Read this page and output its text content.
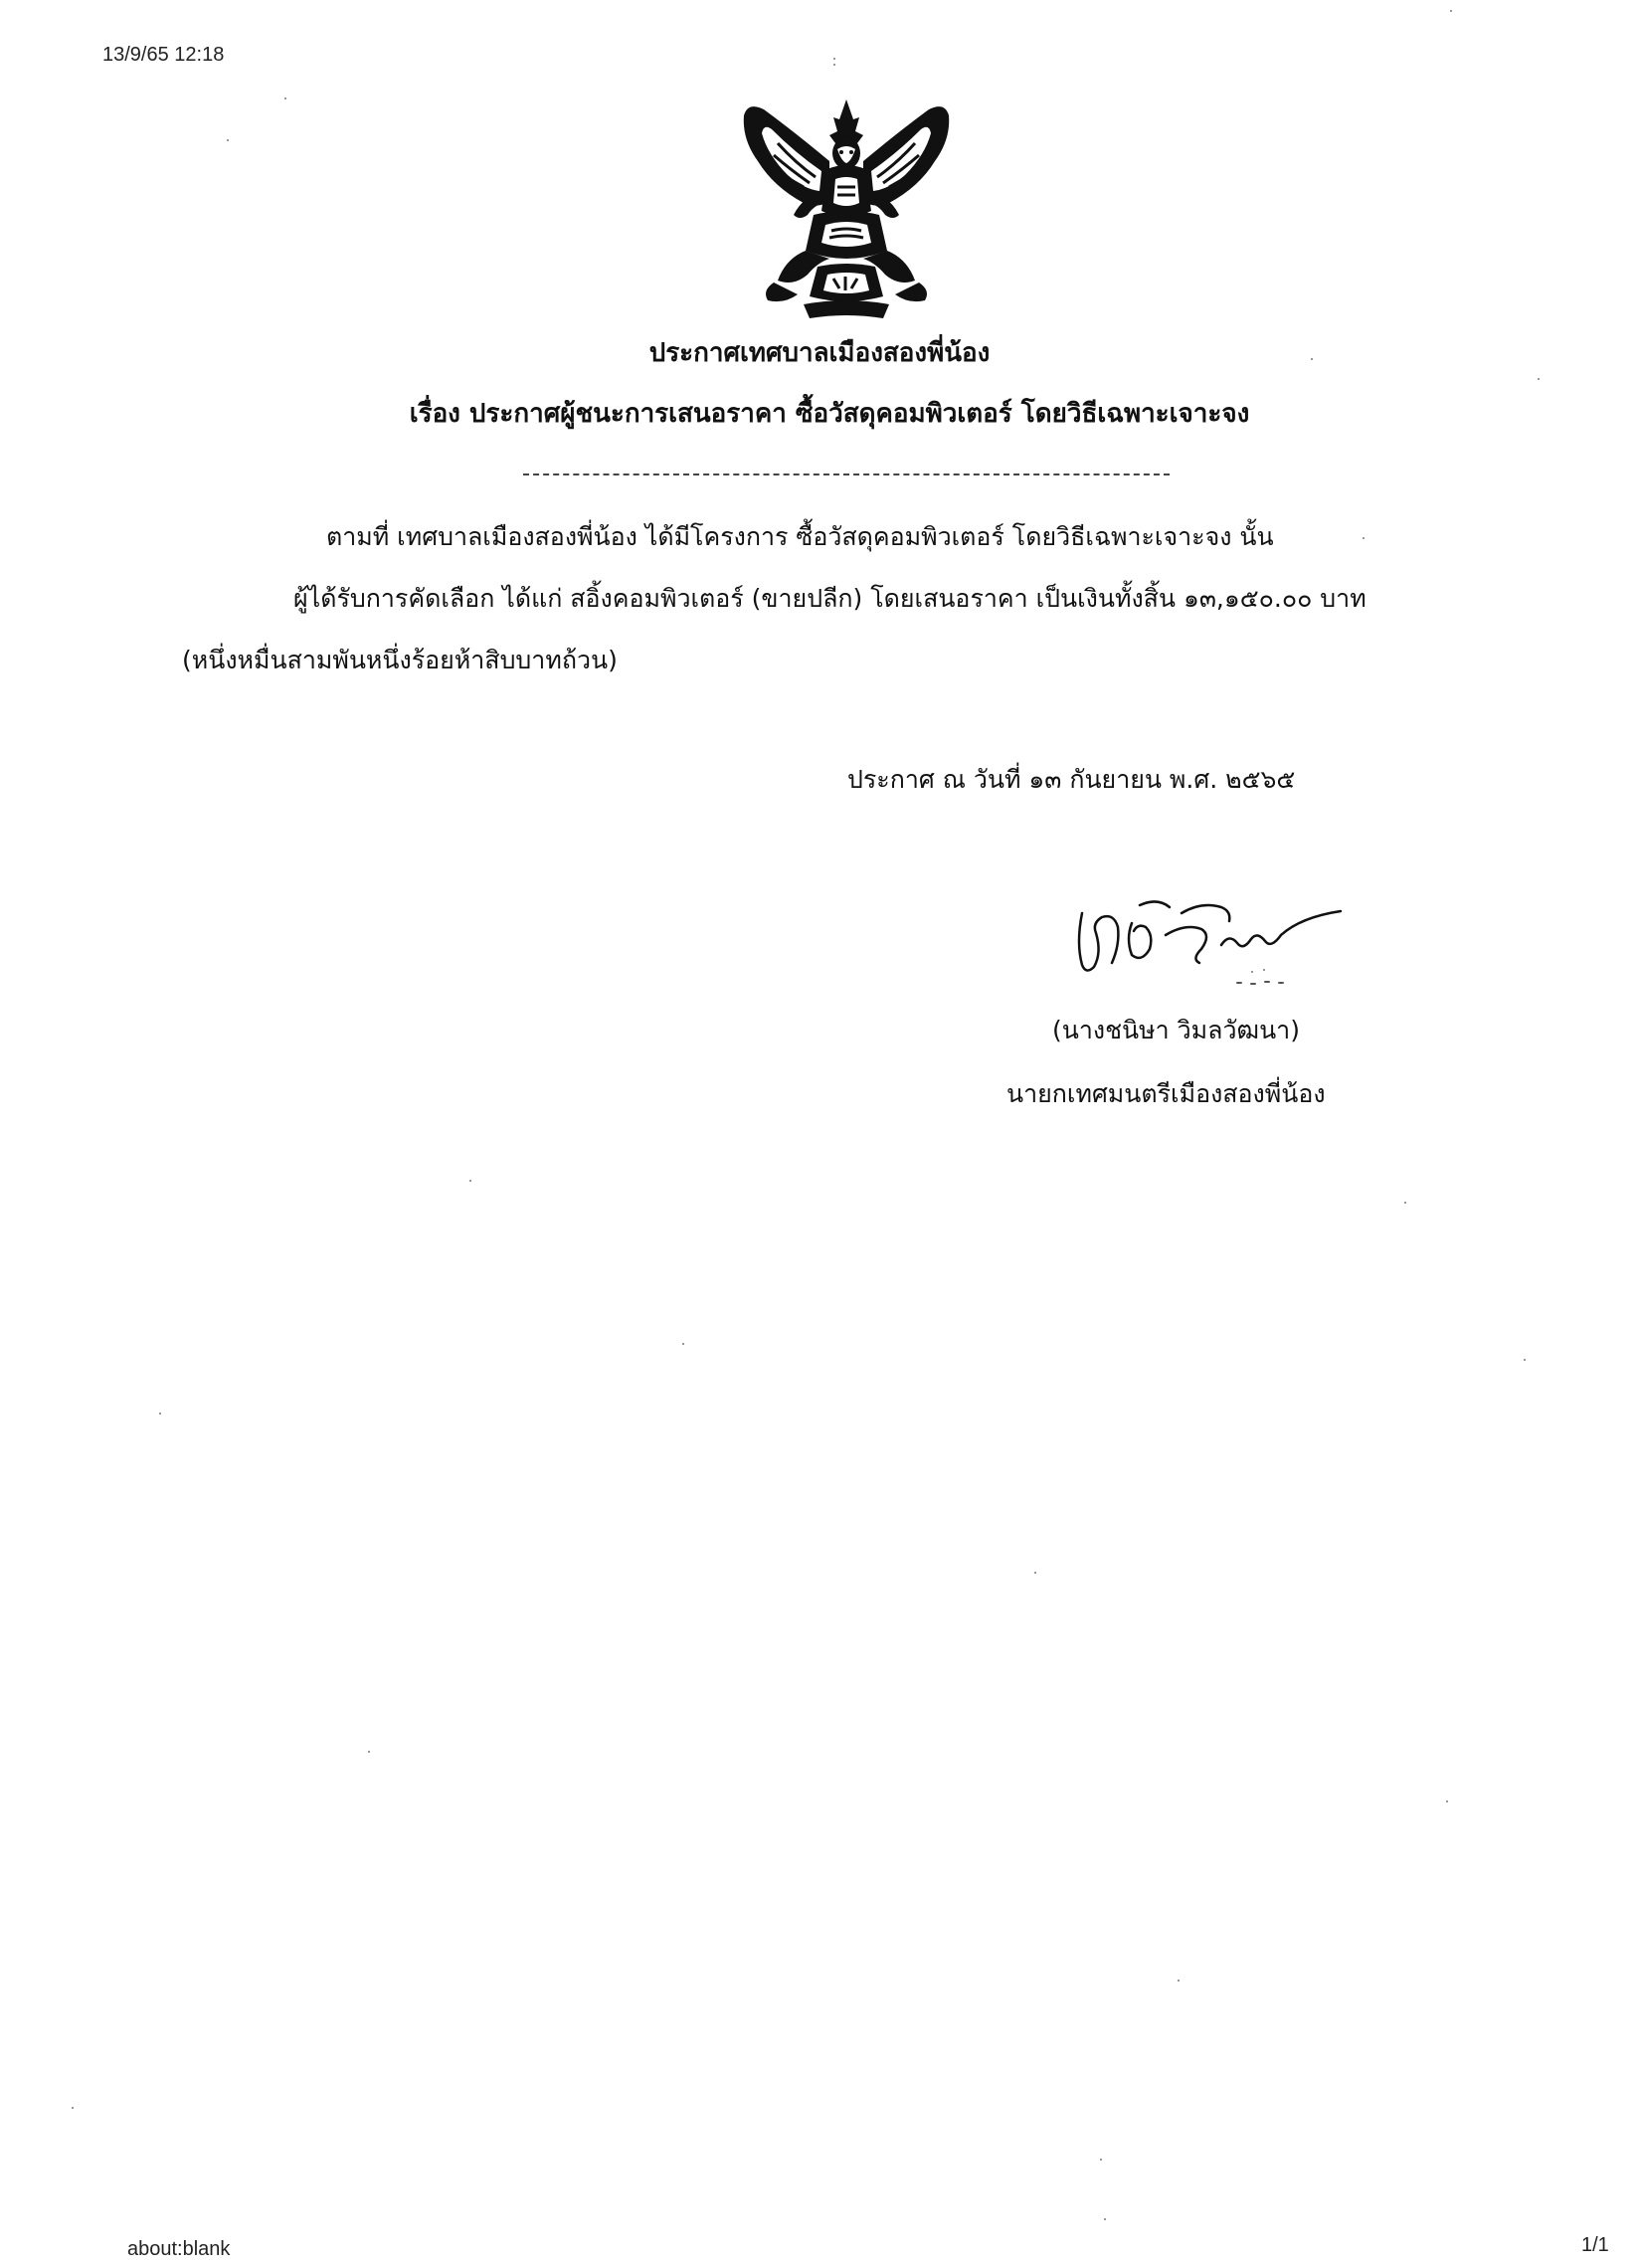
13/9/65 12:18
ประกาศเทศบาลเมืองสองพี่น้อง
เรื่อง ประกาศผู้ชนะการเสนอราคา ซื้อวัสดุคอมพิวเตอร์ โดยวิธีเฉพาะเจาะจง
ตามที่ เทศบาลเมืองสองพี่น้อง ได้มีโครงการ ซื้อวัสดุคอมพิวเตอร์ โดยวิธีเฉพาะเจาะจง นั้น
ผู้ได้รับการคัดเลือก ได้แก่ สอิ้งคอมพิวเตอร์ (ขายปลีก) โดยเสนอราคา เป็นเงินทั้งสิ้น ๑๓,๑๕๐.๐๐ บาท
(หนึ่งหมื่นสามพันหนึ่งร้อยห้าสิบบาทถ้วน)
ประกาศ ณ วันที่ ๑๓ กันยายน พ.ศ. ๒๕๖๕
(นางชนิษา วิมลวัฒนา)
นายกเทศมนตรีเมืองสองพี่น้อง
about:blank	1/1
